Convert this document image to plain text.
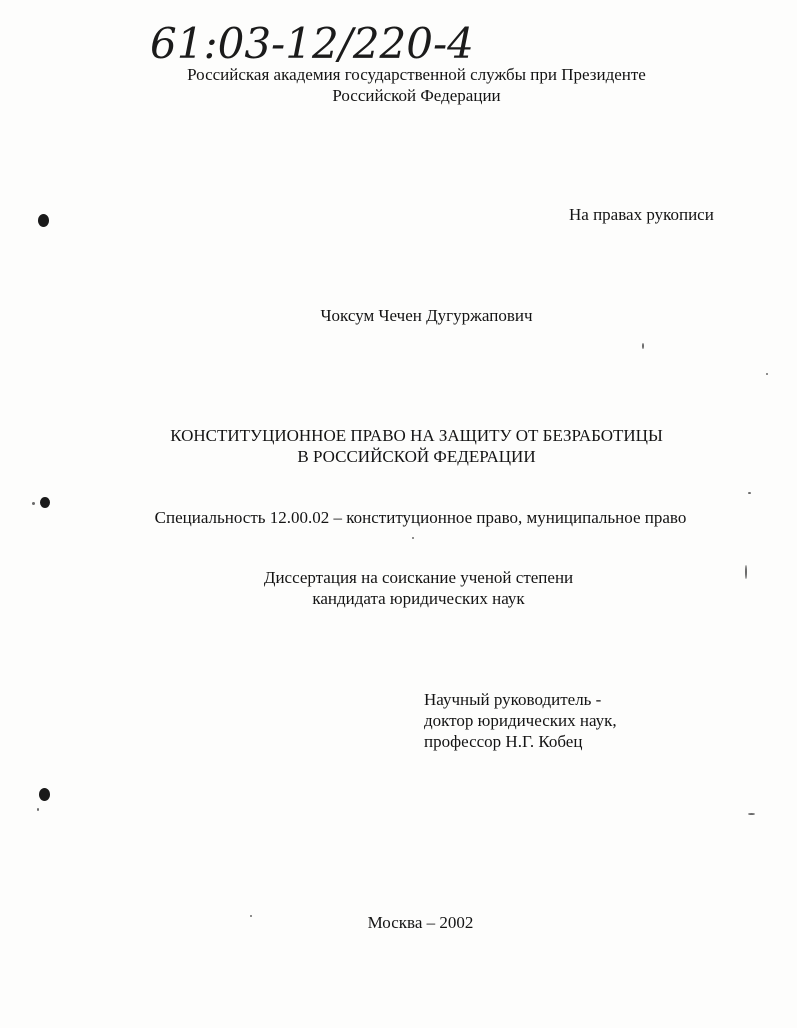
61:03-12/220-4
Российская академия государственной службы при Президенте
Российской Федерации
На правах рукописи
Чоксум Чечен Дугуржапович
КОНСТИТУЦИОННОЕ ПРАВО НА ЗАЩИТУ ОТ БЕЗРАБОТИЦЫ
В РОССИЙСКОЙ ФЕДЕРАЦИИ
Специальность 12.00.02 – конституционное право, муниципальное право
Диссертация на соискание ученой степени
кандидата юридических наук
Научный руководитель -
доктор юридических наук,
профессор Н.Г. Кобец
Москва – 2002
